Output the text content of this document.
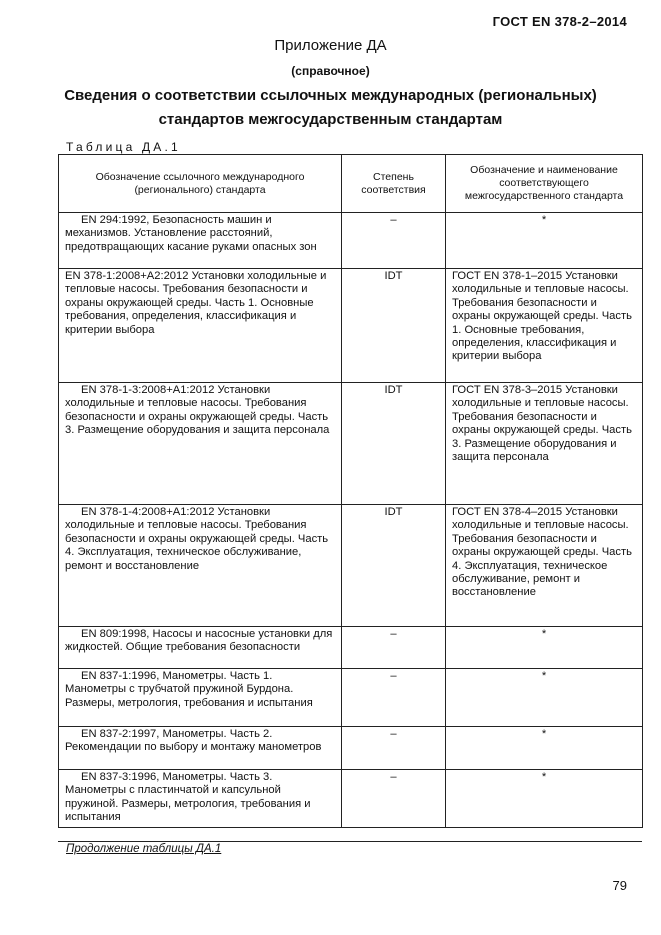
ГОСТ EN 378-2–2014
Приложение ДА
(справочное)
Сведения о соответствии ссылочных международных (региональных)
стандартов межгосударственным стандартам
Таблица ДА.1
Обозначение ссылочного международного (регионального) стандарта	Степень соответствия	Обозначение и наименование соответствующего межгосударственного стандарта
EN 294:1992, Безопасность машин и механизмов. Установление расстояний, предотвращающих касание руками опасных зон	–	*
EN 378-1:2008+A2:2012 Установки холодильные и тепловые насосы. Требования безопасности и охраны окружающей среды. Часть 1. Основные требования, определения, классификация и критерии выбора	IDT	ГОСТ EN 378-1–2015 Установки холодильные и тепловые насосы. Требования безопасности и охраны окружающей среды. Часть 1. Основные требования, определения, классификация и критерии выбора
EN 378-1-3:2008+A1:2012 Установки холодильные и тепловые насосы. Требования безопасности и охраны окружающей среды. Часть 3. Размещение оборудования и защита персонала	IDT	ГОСТ EN 378-3–2015 Установки холодильные и тепловые насосы. Требования безопасности и охраны окружающей среды. Часть 3. Размещение оборудования и защита персонала
EN 378-1-4:2008+A1:2012 Установки холодильные и тепловые насосы. Требования безопасности и охраны окружающей среды. Часть 4. Эксплуатация, техническое обслуживание, ремонт и восстановление	IDT	ГОСТ EN 378-4–2015 Установки холодильные и тепловые насосы. Требования безопасности и охраны окружающей среды. Часть 4. Эксплуатация, техническое обслуживание, ремонт и восстановление
EN 809:1998, Насосы и насосные установки для жидкостей. Общие требования безопасности	–	*
EN 837-1:1996, Манометры. Часть 1. Манометры с трубчатой пружиной Бурдона. Размеры, метрология, требования и испытания	–	*
EN 837-2:1997, Манометры. Часть 2. Рекомендации по выбору и монтажу манометров	–	*
EN 837-3:1996, Манометры. Часть 3. Манометры с пластинчатой и капсульной пружиной. Размеры, метрология, требования и испытания	–	*
Продолжение таблицы ДА.1
79
